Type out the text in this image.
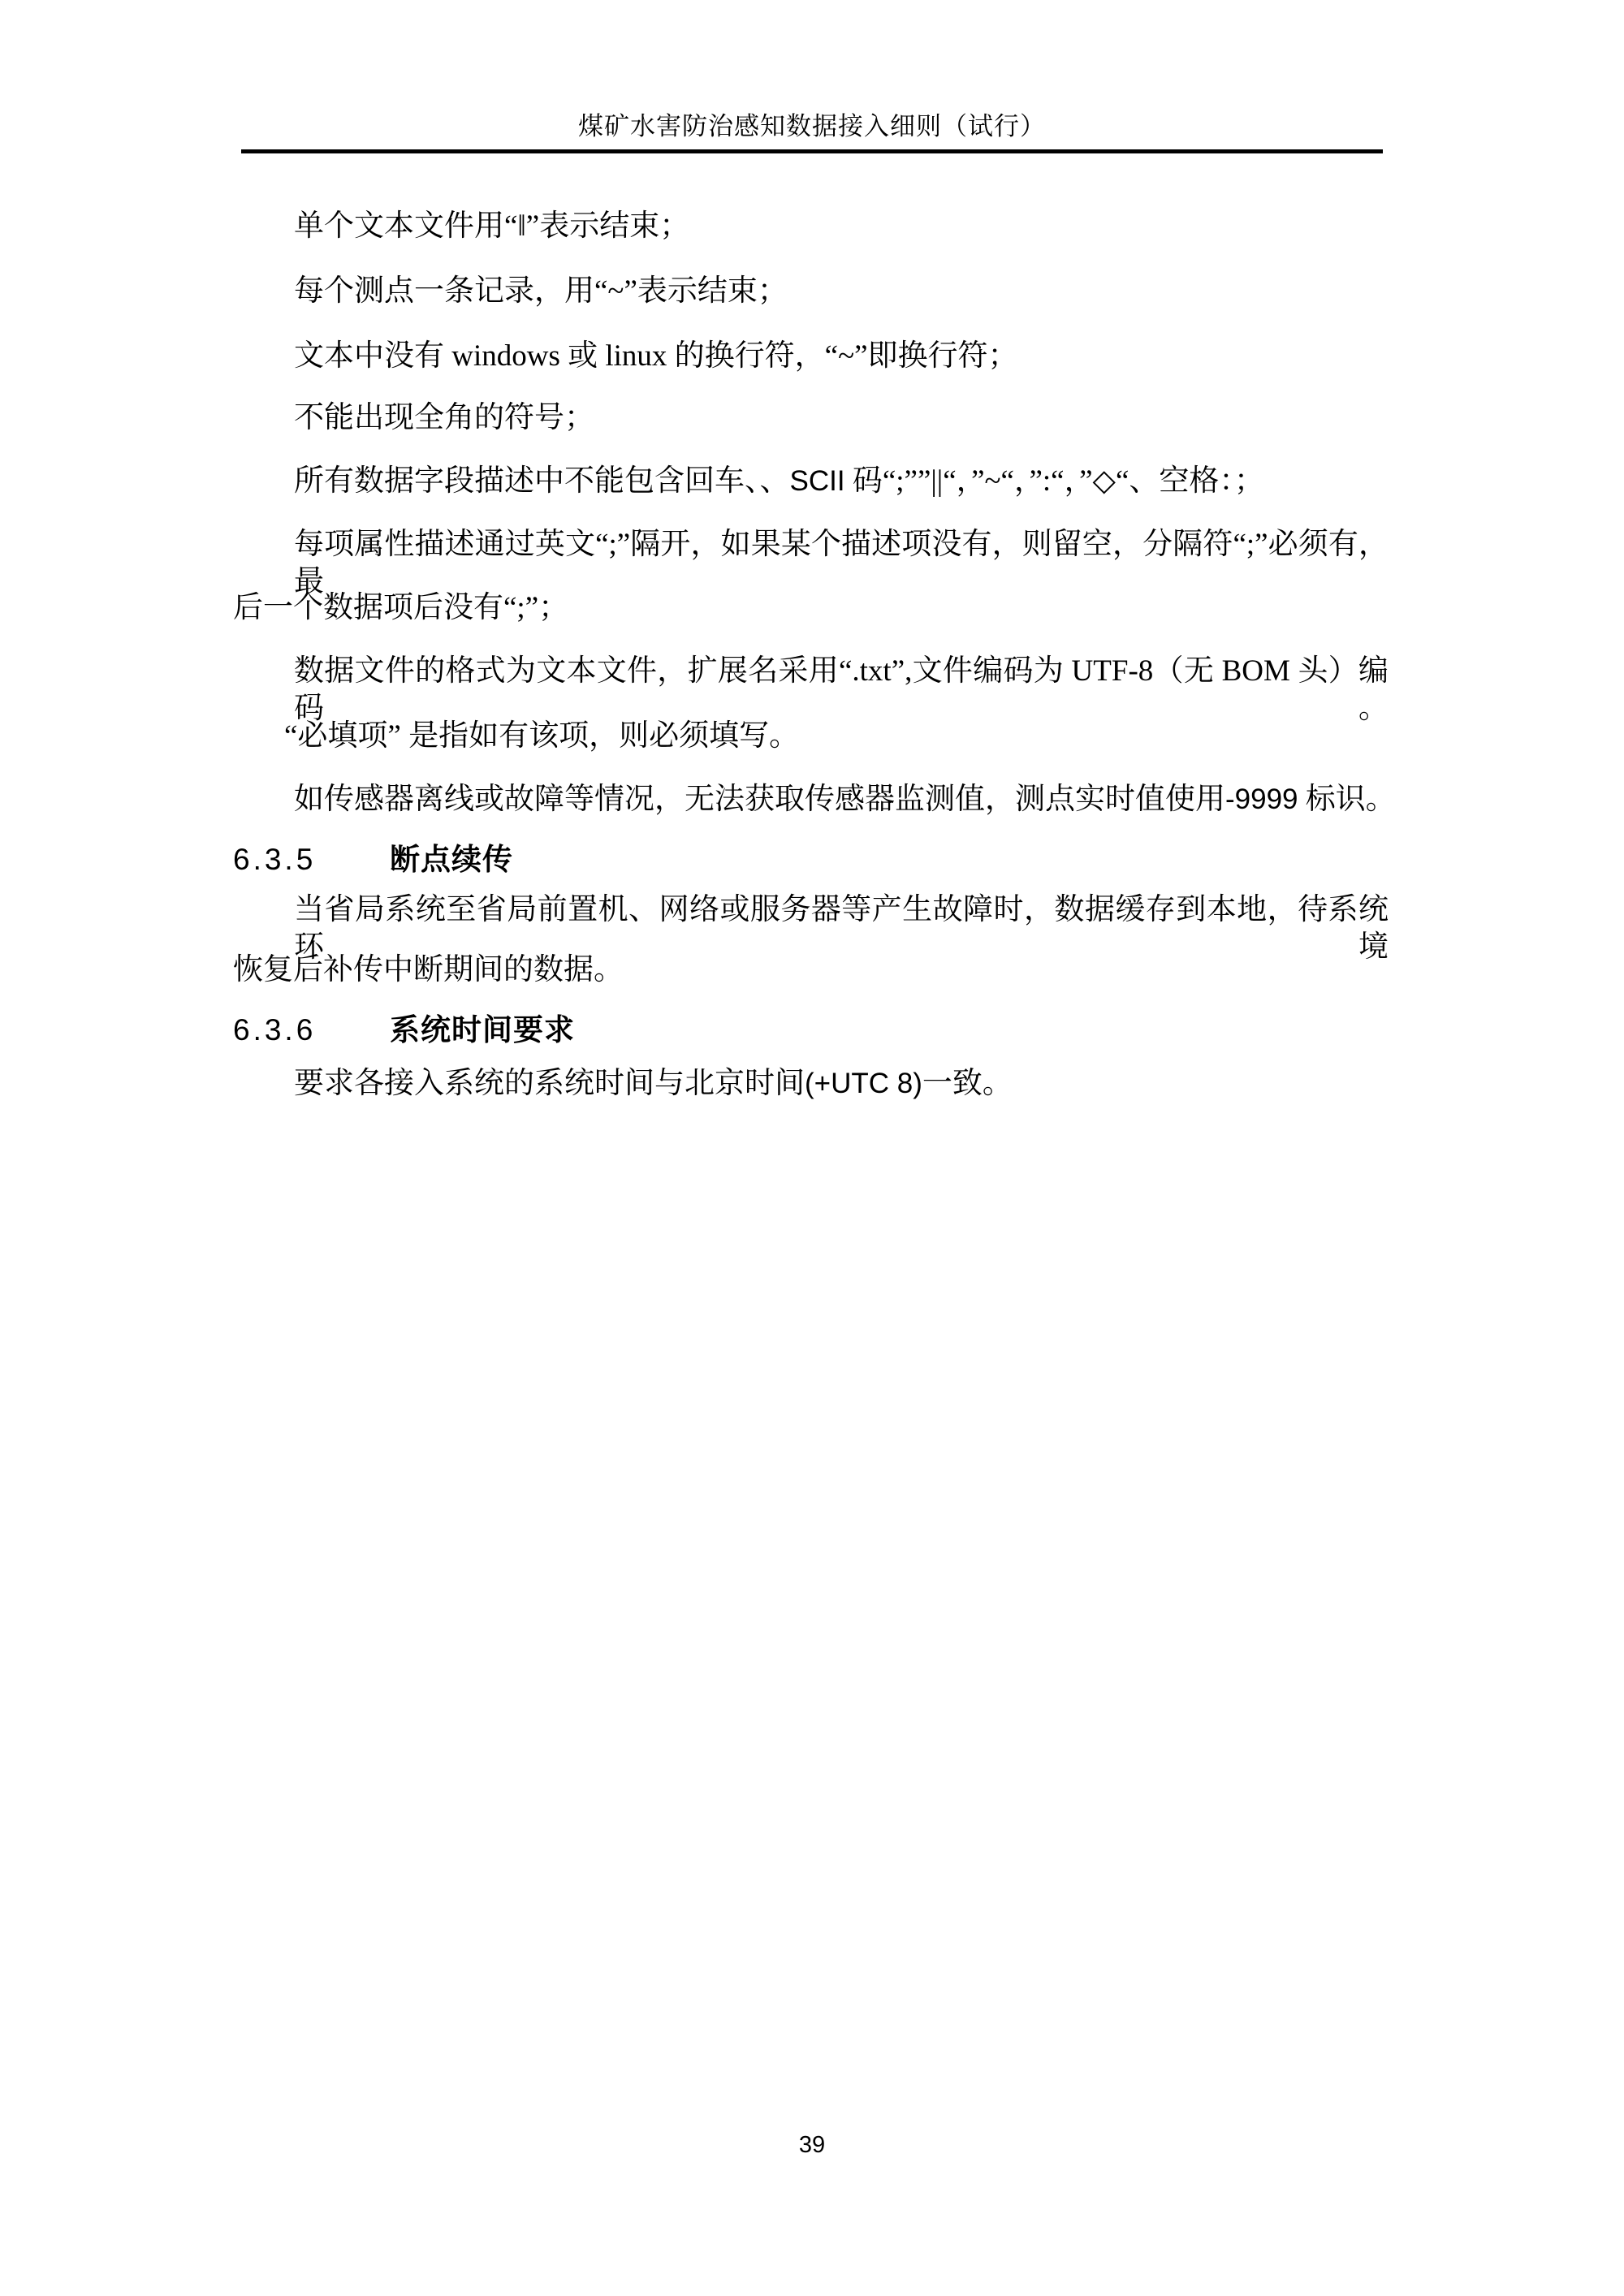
煤矿水害防治感知数据接入细则（试行）
单个文本文件用“‖”表示结束；
每个测点一条记录，用“~”表示结束；
文本中没有 windows 或 linux 的换行符，“~”即换行符；
不能出现全角的符号；
所有数据字段描述中不能包含回车、、SCII 码“;””||“，”~“，”:“，”◇“、空格：；
每项属性描述通过英文“;”隔开，如果某个描述项没有，则留空，分隔符“;”必须有，最
后一个数据项后没有“;”；
数据文件的格式为文本文件，扩展名采用“.txt”,文件编码为 UTF-8（无 BOM 头）编码。
“必填项” 是指如有该项，则必须填写。
如传感器离线或故障等情况，无法获取传感器监测值，测点实时值使用-9999 标识。
6.3.5 断点续传
当省局系统至省局前置机、网络或服务器等产生故障时，数据缓存到本地，待系统环境
恢复后补传中断期间的数据。
6.3.6 系统时间要求
要求各接入系统的系统时间与北京时间(+UTC 8)一致。
39
